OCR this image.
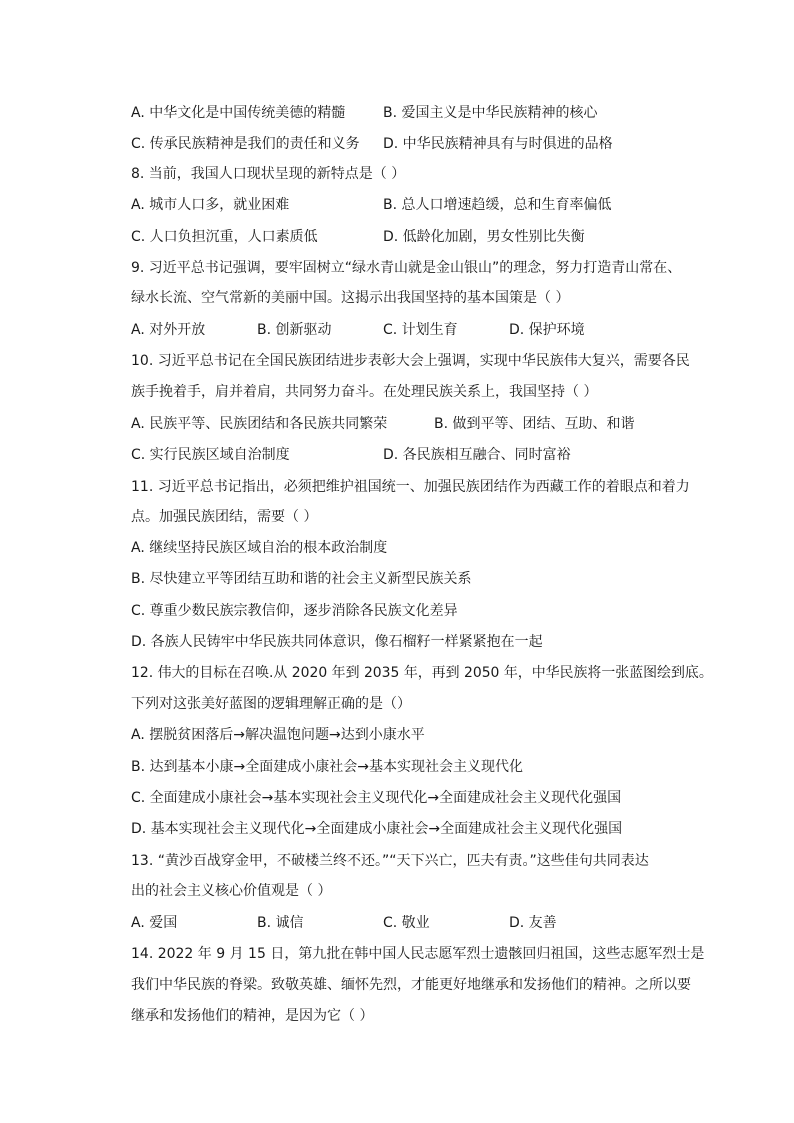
A. 中华文化是中国传统美德的精髓	B. 爱国主义是中华民族精神的核心
C. 传承民族精神是我们的责任和义务 D. 中华民族精神具有与时俱进的品格
8. 当前，我国人口现状呈现的新特点是（ ）
A. 城市人口多，就业困难	B. 总人口增速趋缓，总和生育率偏低
C. 人口负担沉重，人口素质低	D. 低龄化加剧，男女性别比失衡
9. 习近平总书记强调，要牢固树立“绿水青山就是金山银山”的理念，努力打造青山常在、
绿水长流、空气常新的美丽中国。这揭示出我国坚持的基本国策是（ ）
A. 对外开放	B. 创新驱动	C. 计划生育	D. 保护环境
10. 习近平总书记在全国民族团结进步表彰大会上强调，实现中华民族伟大复兴，需要各民
族手挽着手，肩并着肩，共同努力奋斗。在处理民族关系上，我国坚持（ ）
A. 民族平等、民族团结和各民族共同繁荣	B. 做到平等、团结、互助、和谐
C. 实行民族区域自治制度	D. 各民族相互融合、同时富裕
11. 习近平总书记指出，必须把维护祖国统一、加强民族团结作为西藏工作的着眼点和着力
点。加强民族团结，需要（ ）
A. 继续坚持民族区域自治的根本政治制度
B. 尽快建立平等团结互助和谐的社会主义新型民族关系
C. 尊重少数民族宗教信仰，逐步消除各民族文化差异
D. 各族人民铸牢中华民族共同体意识，像石榴籽一样紧紧抱在一起
12. 伟大的目标在召唤.从 2020 年到 2035 年，再到 2050 年，中华民族将一张蓝图绘到底。
下列对这张美好蓝图的逻辑理解正确的是（）
A. 摆脱贫困落后→解决温饱问题→达到小康水平
B. 达到基本小康→全面建成小康社会→基本实现社会主义现代化
C. 全面建成小康社会→基本实现社会主义现代化→全面建成社会主义现代化强国
D. 基本实现社会主义现代化→全面建成小康社会→全面建成社会主义现代化强国
13. “黄沙百战穿金甲，不破楼兰终不还。”“天下兴亡，匹夫有责。”这些佳句共同表达
出的社会主义核心价值观是（ ）
A. 爱国	B. 诚信	C. 敬业	D. 友善
14. 2022 年 9 月 15 日，第九批在韩中国人民志愿军烈士遗骸回归祖国，这些志愿军烈士是
我们中华民族的脊梁。致敬英雄、缅怀先烈，才能更好地继承和发扬他们的精神。之所以要
继承和发扬他们的精神，是因为它（ ）
